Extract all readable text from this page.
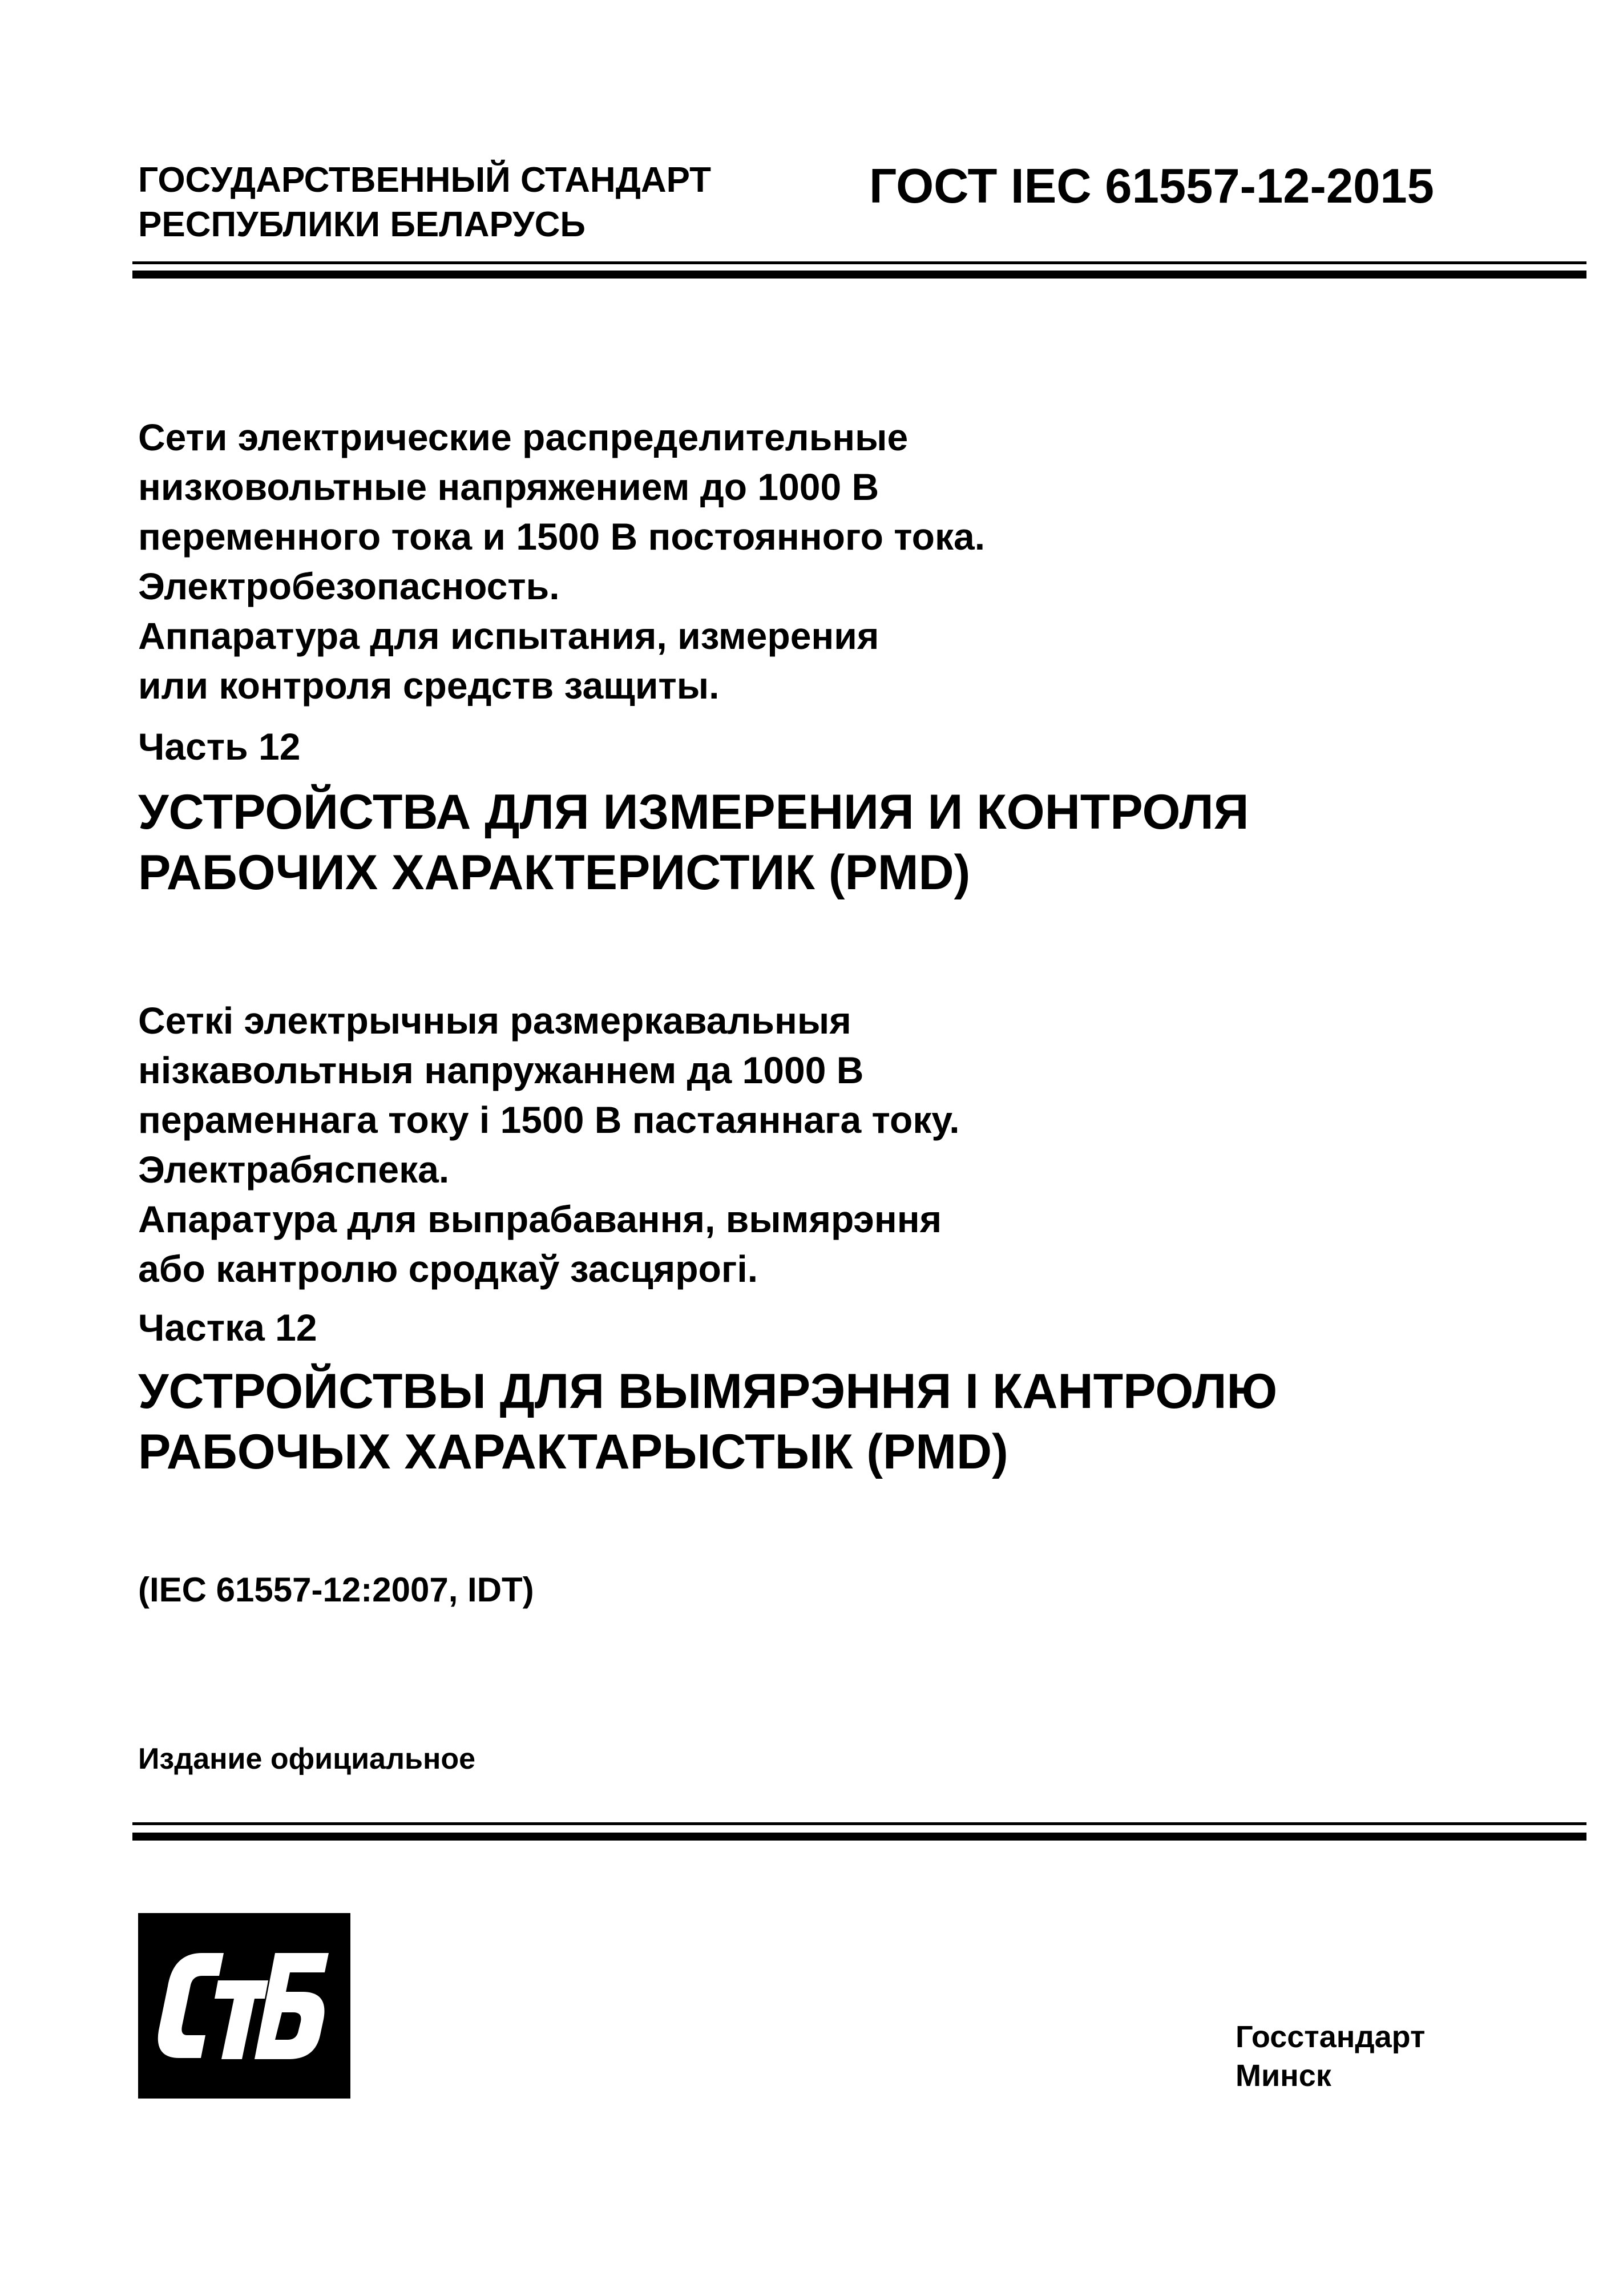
ГОСУДАРСТВЕННЫЙ СТАНДАРТ
РЕСПУБЛИКИ БЕЛАРУСЬ
ГОСТ IEC 61557-12-2015
Сети электрические распределительные
низковольтные напряжением до 1000 В
переменного тока и 1500 В постоянного тока.
Электробезопасность.
Аппаратура для испытания, измерения
или контроля средств защиты.
Часть 12
УСТРОЙСТВА ДЛЯ ИЗМЕРЕНИЯ И КОНТРОЛЯ
РАБОЧИХ ХАРАКТЕРИСТИК (PMD)
Сеткі электрычныя размеркавальныя
нізкавольтныя напружаннем да 1000 В
пераменнага току і 1500 В пастаяннага току.
Электрабяспека.
Апаратура для выпрабавання, вымярэння
або кантролю сродкаў засцярогі.
Частка 12
УСТРОЙСТВЫ ДЛЯ ВЫМЯРЭННЯ І КАНТРОЛЮ
РАБОЧЫХ ХАРАКТАРЫСТЫК (PMD)
(IEC 61557-12:2007, IDT)
Издание официальное
Госстандарт
Минск
